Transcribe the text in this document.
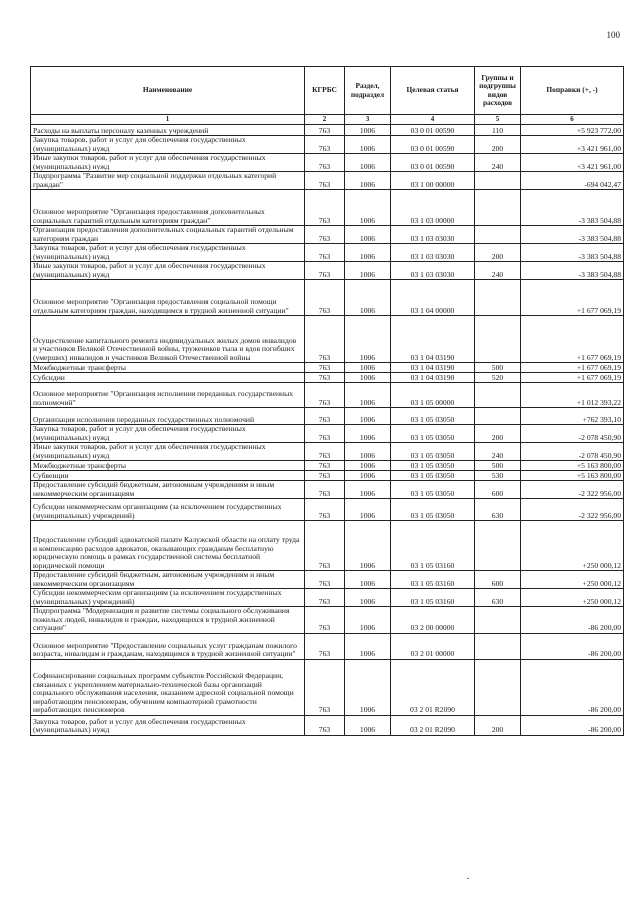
100
Наименование	КГРБС	Раздел, подраздел	Целевая статья	Группы и подгруппы видов расходов	Поправки (+, -)
1	2	3	4	5	6
Расходы на выплаты персоналу казенных учреждений	763	1006	03 0 01 00590	110	+5 923 772,00
Закупка товаров, работ и услуг для обеспечения государственных (муниципальных) нужд	763	1006	03 0 01 00590	200	+3 421 961,00
Иные закупки товаров, работ и услуг для обеспечения государственных (муниципальных) нужд	763	1006	03 0 01 00590	240	+3 421 961,00
Подпрограмма "Развитие мер социальной поддержки отдельных категорий граждан"	763	1006	03 1 00 00000		-694 042,47
Основное мероприятие "Организация предоставления дополнительных социальных гарантий отдельным категориям граждан"	763	1006	03 1 03 00000		-3 383 504,88
Организация предоставления дополнительных социальных гарантий отдельным категориям граждан	763	1006	03 1 03 03030		-3 383 504,88
Закупка товаров, работ и услуг для обеспечения государственных (муниципальных) нужд	763	1006	03 1 03 03030	200	-3 383 504,88
Иные закупки товаров, работ и услуг для обеспечения государственных (муниципальных) нужд	763	1006	03 1 03 03030	240	-3 383 504,88
Основное мероприятие "Организация предоставления социальной помощи отдельным категориям граждан, находящимся в трудной жизненной ситуации"	763	1006	03 1 04 00000		+1 677 069,19
Осуществление капитального ремонта индивидуальных жилых домов инвалидов и участников Великой Отечественной войны, тружеников тыла и вдов погибших (умерших) инвалидов и участников Великой Отечественной войны	763	1006	03 1 04 03190		+1 677 069,19
Межбюджетные трансферты	763	1006	03 1 04 03190	500	+1 677 069,19
Субсидии	763	1006	03 1 04 03190	520	+1 677 069,19
Основное мероприятие "Организация исполнения переданных государственных полномочий"	763	1006	03 1 05 00000		+1 012 393,22
Организация исполнения переданных государственных полномочий	763	1006	03 1 05 03050		+762 393,10
Закупка товаров, работ и услуг для обеспечения государственных (муниципальных) нужд	763	1006	03 1 05 03050	200	-2 078 450,90
Иные закупки товаров, работ и услуг для обеспечения государственных (муниципальных) нужд	763	1006	03 1 05 03050	240	-2 078 450,90
Межбюджетные трансферты	763	1006	03 1 05 03050	500	+5 163 800,00
Субвенции	763	1006	03 1 05 03050	530	+5 163 800,00
Предоставление субсидий бюджетным, автономным учреждениям и иным некоммерческим организациям	763	1006	03 1 05 03050	600	-2 322 956,00
Субсидии некоммерческим организациям (за исключением государственных (муниципальных) учреждений)	763	1006	03 1 05 03050	630	-2 322 956,00
Предоставление субсидий адвокатской палате Калужской области на оплату труда и компенсацию расходов адвокатов, оказывающих гражданам бесплатную юридическую помощь в рамках государственной системы бесплатной юридической помощи	763	1006	03 1 05 03160		+250 000,12
Предоставление субсидий бюджетным, автономным учреждениям и иным некоммерческим организациям	763	1006	03 1 05 03160	600	+250 000,12
Субсидии некоммерческим организациям (за исключением государственных (муниципальных) учреждений)	763	1006	03 1 05 03160	630	+250 000,12
Подпрограмма "Модернизация и развитие системы социального обслуживания пожилых людей, инвалидов и граждан, находящихся в трудной жизненной ситуации"	763	1006	03 2 00 00000		-86 200,00
Основное мероприятие "Предоставление социальных услуг гражданам пожилого возраста, инвалидам и гражданам, находящимся в трудной жизненной ситуации"	763	1006	03 2 01 00000		-86 200,00
Софинансирование социальных программ субъектов Российской Федерации, связанных с укреплением материально-технической базы организаций социального обслуживания населения, оказанием адресной социальной помощи неработающим пенсионерам, обучением компьютерной грамотности неработающих пенсионеров	763	1006	03 2 01 R2090		-86 200,00
Закупка товаров, работ и услуг для обеспечения государственных (муниципальных) нужд	763	1006	03 2 01 R2090	200	-86 200,00
